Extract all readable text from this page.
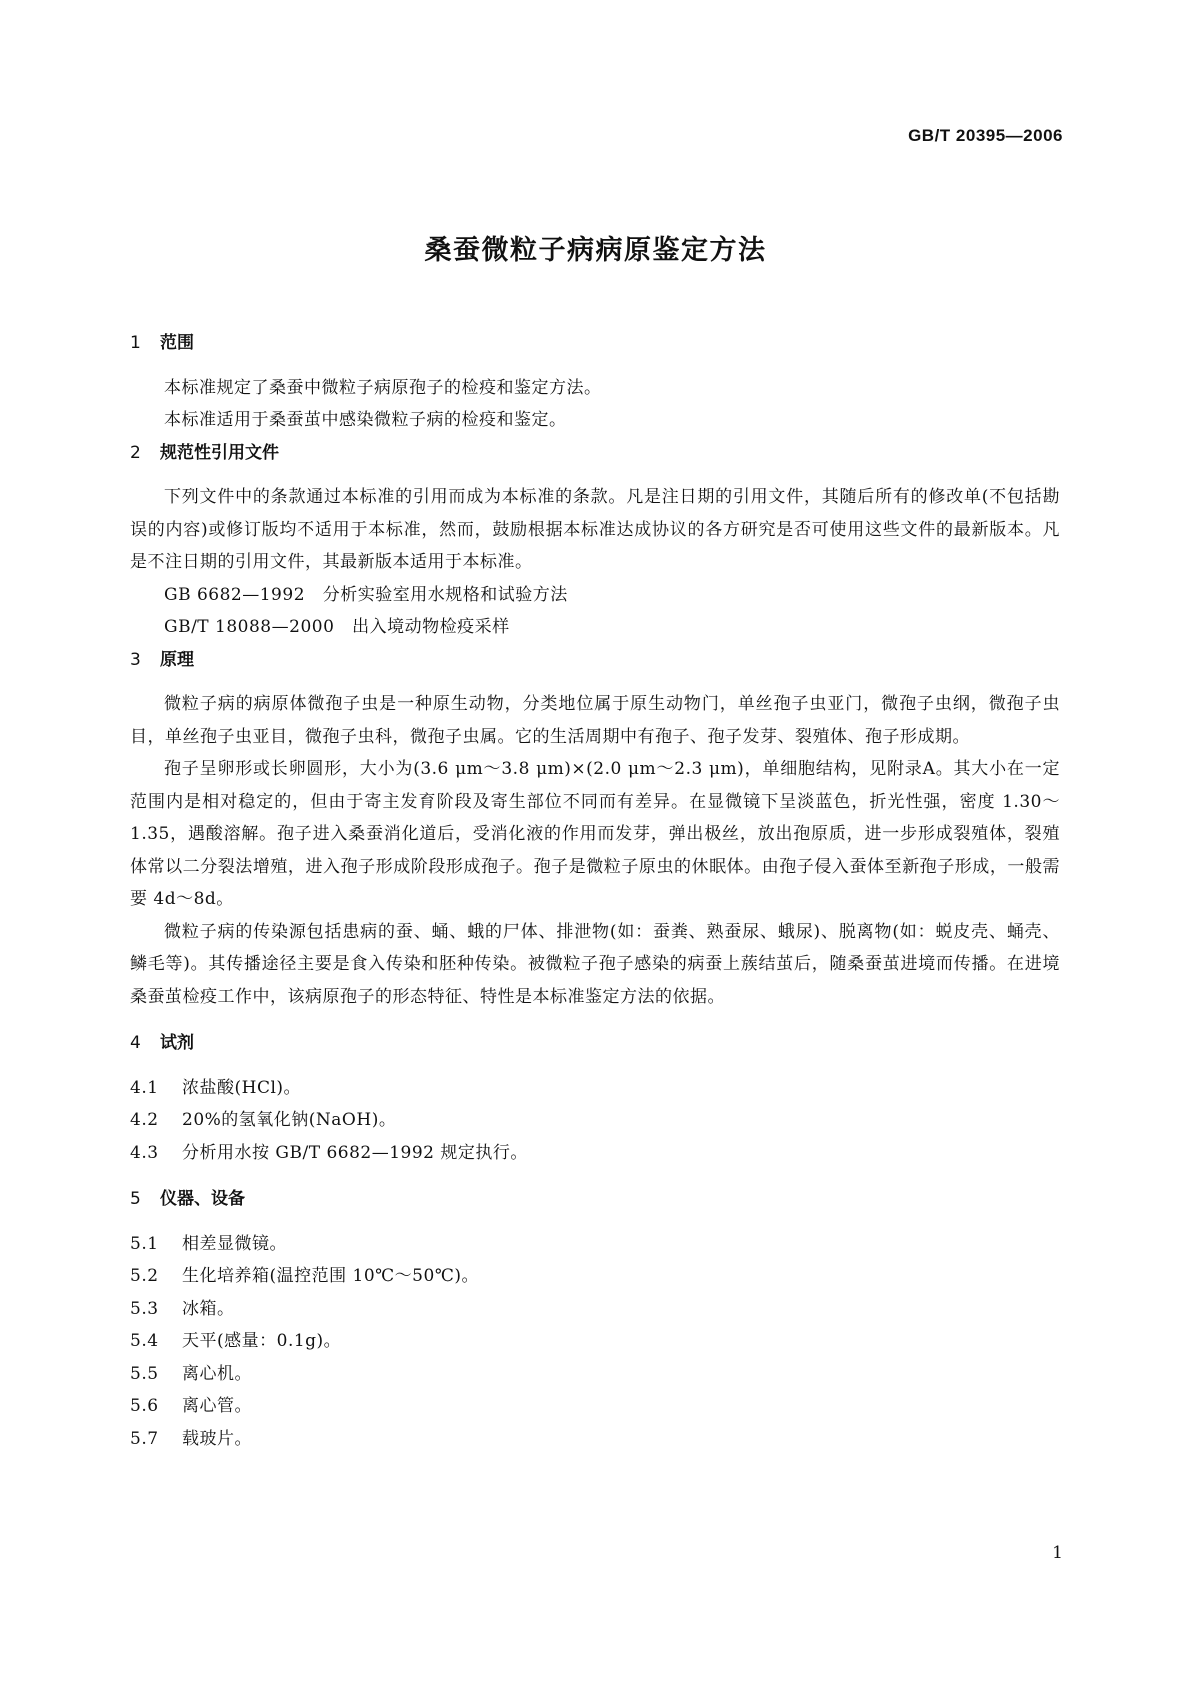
GB/T 20395—2006
桑蚕微粒子病病原鉴定方法
1 范围

本标准规定了桑蚕中微粒子病原孢子的检疫和鉴定方法。

本标准适用于桑蚕茧中感染微粒子病的检疫和鉴定。

2 规范性引用文件

下列文件中的条款通过本标准的引用而成为本标准的条款。凡是注日期的引用文件，其随后所有的修改单(不包括勘误的内容)或修订版均不适用于本标准，然而，鼓励根据本标准达成协议的各方研究是否可使用这些文件的最新版本。凡是不注日期的引用文件，其最新版本适用于本标准。

GB 6682—1992 分析实验室用水规格和试验方法

GB/T 18088—2000 出入境动物检疫采样

3 原理

微粒子病的病原体微孢子虫是一种原生动物，分类地位属于原生动物门，单丝孢子虫亚门，微孢子虫纲，微孢子虫目，单丝孢子虫亚目，微孢子虫科，微孢子虫属。它的生活周期中有孢子、孢子发芽、裂殖体、孢子形成期。

孢子呈卵形或长卵圆形，大小为(3.6 μm～3.8 μm)×(2.0 μm～2.3 μm)，单细胞结构，见附录A。其大小在一定范围内是相对稳定的，但由于寄主发育阶段及寄生部位不同而有差异。在显微镜下呈淡蓝色，折光性强，密度 1.30～1.35，遇酸溶解。孢子进入桑蚕消化道后，受消化液的作用而发芽，弹出极丝，放出孢原质，进一步形成裂殖体，裂殖体常以二分裂法增殖，进入孢子形成阶段形成孢子。孢子是微粒子原虫的休眠体。由孢子侵入蚕体至新孢子形成，一般需要 4d～8d。

微粒子病的传染源包括患病的蚕、蛹、蛾的尸体、排泄物(如：蚕粪、熟蚕尿、蛾尿)、脱离物(如：蜕皮壳、蛹壳、鳞毛等)。其传播途径主要是食入传染和胚种传染。被微粒子孢子感染的病蚕上蔟结茧后，随桑蚕茧进境而传播。在进境桑蚕茧检疫工作中，该病原孢子的形态特征、特性是本标准鉴定方法的依据。

4 试剂

4.1 浓盐酸(HCl)。

4.2 20%的氢氧化钠(NaOH)。

4.3 分析用水按 GB/T 6682—1992 规定执行。

5 仪器、设备

5.1 相差显微镜。

5.2 生化培养箱(温控范围 10℃～50℃)。

5.3 冰箱。

5.4 天平(感量：0.1g)。

5.5 离心机。

5.6 离心管。

5.7 载玻片。

1
